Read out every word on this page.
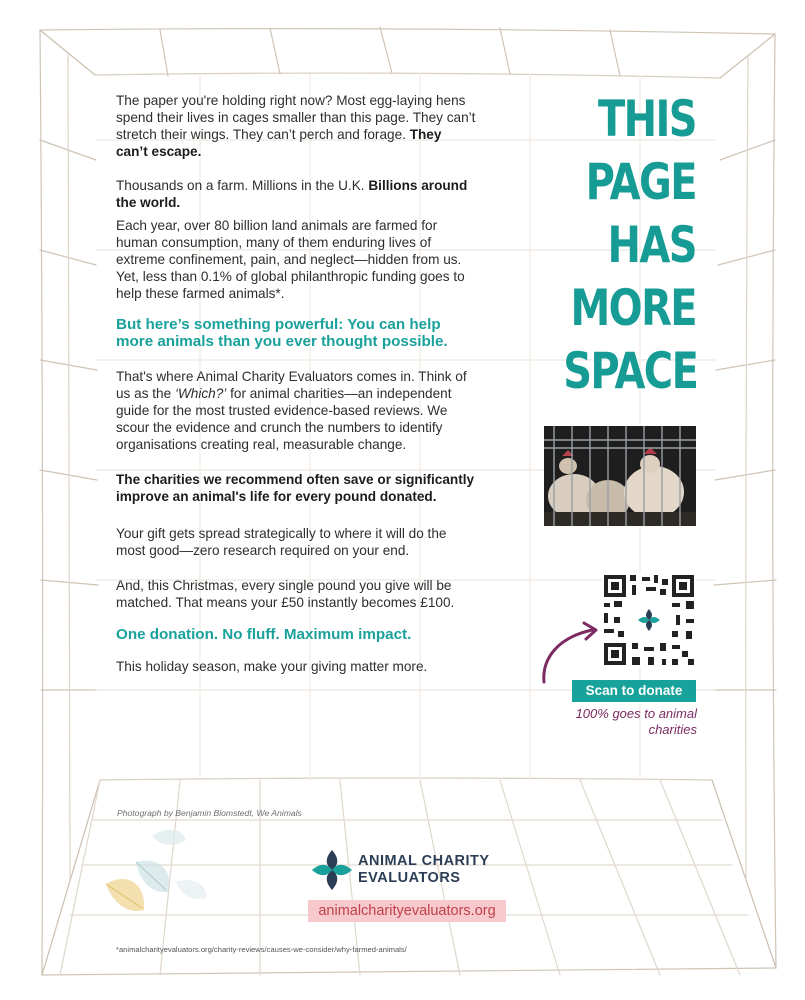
The paper you're holding right now? Most egg-laying hens spend their lives in cages smaller than this page. They can’t stretch their wings. They can’t perch and forage. They can’t escape.

Thousands on a farm. Millions in the U.K. Billions around the world.

Each year, over 80 billion land animals are farmed for human consumption, many of them enduring lives of extreme confinement, pain, and neglect—hidden from us. Yet, less than 0.1% of global philanthropic funding goes to help these farmed animals*.

But here’s something powerful: You can help more animals than you ever thought possible.

That's where Animal Charity Evaluators comes in. Think of us as the ‘Which?’ for animal charities—an independent guide for the most trusted evidence-based reviews. We scour the evidence and crunch the numbers to identify organisations creating real, measurable change.

The charities we recommend often save or significantly improve an animal's life for every pound donated.

Your gift gets spread strategically to where it will do the most good—zero research required on your end.

And, this Christmas, every single pound you give will be matched. That means your £50 instantly becomes £100.

One donation. No fluff. Maximum impact.

This holiday season, make your giving matter more.

THIS
PAGE
HAS
MORE
SPACE
Scan to donate
100% goes to animal charities
Photograph by Benjamin Blomstedt, We Animals
ANIMAL CHARITY
EVALUATORS
animalcharityevaluators.org
*animalcharityevaluators.org/charity-reviews/causes-we-consider/why-farmed-animals/
